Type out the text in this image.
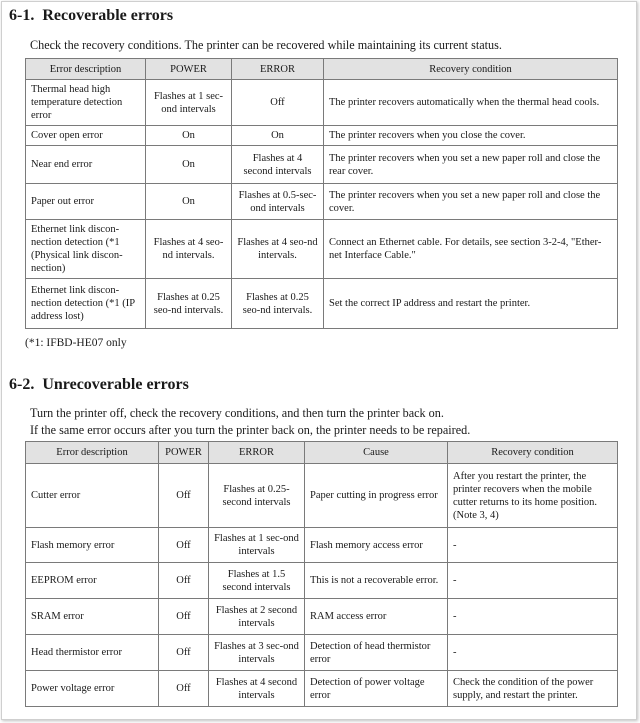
6-1. Recoverable errors

Check the recovery conditions. The printer can be recovered while maintaining its current status.

Error description	POWER	ERROR	Recovery condition
Thermal head high temperature detection error	Flashes at 1 sec-ond intervals	Off	The printer recovers automatically when the thermal head cools.
Cover open error	On	On	The printer recovers when you close the cover.
Near end error	On	Flashes at 4 second intervals	The printer recovers when you set a new paper roll and close the rear cover.
Paper out error	On	Flashes at 0.5-sec-ond intervals	The printer recovers when you set a new paper roll and close the cover.
Ethernet link discon-nection detection (*1 (Physical link discon-nection)	Flashes at 4 seo-nd intervals.	Flashes at 4 seo-nd intervals.	Connect an Ethernet cable. For details, see section 3-2-4, "Ether-net Interface Cable."
Ethernet link discon-nection detection (*1 (IP address lost)	Flashes at 0.25 seo-nd intervals.	Flashes at 0.25 seo-nd intervals.	Set the correct IP address and restart the printer.

(*1: IFBD-HE07 only

6-2. Unrecoverable errors

Turn the printer off, check the recovery conditions, and then turn the printer back on.

If the same error occurs after you turn the printer back on, the printer needs to be repaired.

Error description	POWER	ERROR	Cause	Recovery condition
Cutter error	Off	Flashes at 0.25-second intervals	Paper cutting in progress error	After you restart the printer, the printer recovers when the mobile cutter returns to its home position. (Note 3, 4)
Flash memory error	Off	Flashes at 1 sec-ond intervals	Flash memory access error	-
EEPROM error	Off	Flashes at 1.5 second intervals	This is not a recoverable error.	-
SRAM error	Off	Flashes at 2 second intervals	RAM access error	-
Head thermistor error	Off	Flashes at 3 sec-ond intervals	Detection of head thermistor error	-
Power voltage error	Off	Flashes at 4 second intervals	Detection of power voltage error	Check the condition of the power supply, and restart the printer.
